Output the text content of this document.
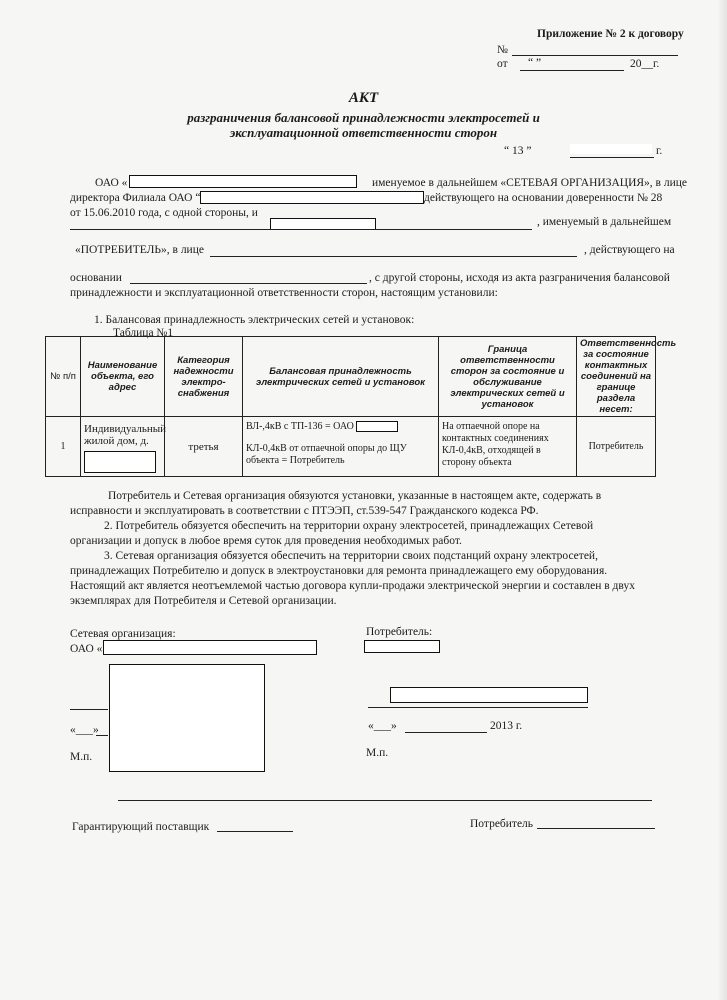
Приложение № 2 к договору
№
от “ ”	20__г.
АКТ
разграничения балансовой принадлежности электросетей и
эксплуатационной ответственности сторон
“ 13 ”	г.
ОАО «	именуемое в дальнейшем «СЕТЕВАЯ ОРГАНИЗАЦИЯ», в лице
директора Филиала ОАО “	действующего на основании доверенности № 28
от 15.06.2010 года, с одной стороны, и
, именуемый в дальнейшем
«ПОТРЕБИТЕЛЬ», в лице	, действующего на
основании	, с другой стороны, исходя из акта разграничения балансовой
принадлежности и эксплуатационной ответственности сторон, настоящим установили:
1. Балансовая принадлежность электрических сетей и установок:
Таблица №1
№ п/п	Наименование объекта, его адрес	Категория надежности электро-снабжения	Балансовая принадлежность электрических сетей и установок	Граница ответственности сторон за состояние и обслуживание электрических сетей и установок	Ответственность за состояние контактных соединений на границе раздела несет:
1	Индивидуальный жилой дом, д.	третья	ВЛ-,4кВ с ТП-136 = ОАО
КЛ-0,4кВ от отпаечной опоры до ЩУ объекта = Потребитель	На отпаечной опоре на контактных соединениях КЛ-0,4кВ, отходящей в сторону объекта	Потребитель
Потребитель и Сетевая организация обязуются установки, указанные в настоящем акте, содержать в
исправности и эксплуатировать в соответствии с ПТЭЭП, ст.539-547 Гражданского кодекса РФ.
2. Потребитель обязуется обеспечить на территории охрану электросетей, принадлежащих Сетевой
организации и допуск в любое время суток для проведения необходимых работ.
3. Сетевая организация обязуется обеспечить на территории своих подстанций охрану электросетей,
принадлежащих Потребителю и допуск в электроустановки для ремонта принадлежащего ему оборудования.
Настоящий акт является неотъемлемой частью договора купли-продажи электрической энергии и составлен в двух
экземплярах для Потребителя и Сетевой организации.
Сетевая организация:
ОАО «
«___»
М.п.
Потребитель:
«___»	2013 г.
М.п.
Гарантирующий поставщик	Потребитель
